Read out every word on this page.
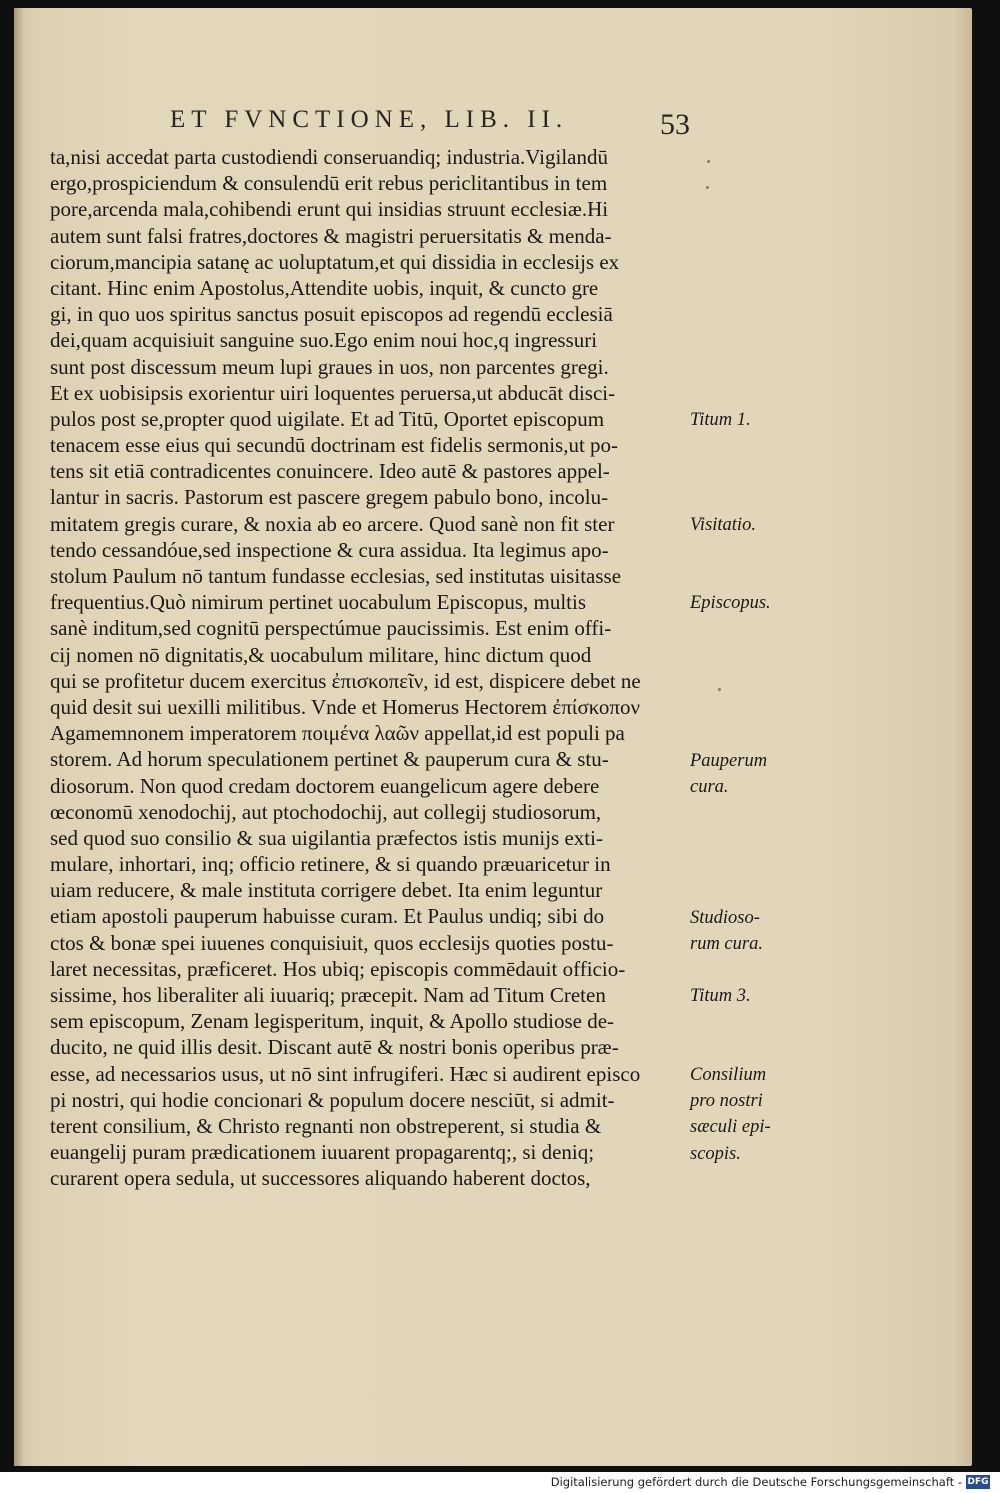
ET FVNCTIONE, LIB. II.	53
ta,nisi accedat parta custodiendi conseruandiq; industria.Vigilandū
ergo,prospiciendum & consulendū erit rebus periclitantibus in tem
pore,arcenda mala,cohibendi erunt qui insidias struunt ecclesiæ.Hi
autem sunt falsi fratres,doctores & magistri peruersitatis & menda-
ciorum,mancipia satanę ac uoluptatum,et qui dissidia in ecclesijs ex
citant. Hinc enim Apostolus,Attendite uobis, inquit, & cuncto gre
gi, in quo uos spiritus sanctus posuit episcopos ad regendū ecclesiā
dei,quam acquisiuit sanguine suo.Ego enim noui hoc,q ingressuri
sunt post discessum meum lupi graues in uos, non parcentes gregi.
Et ex uobisipsis exorientur uiri loquentes peruersa,ut abducāt disci-
pulos post se,propter quod uigilate. Et ad Titū, Oportet episcopum
tenacem esse eius qui secundū doctrinam est fidelis sermonis,ut po-
tens sit etiā contradicentes conuincere. Ideo autē & pastores appel-
lantur in sacris. Pastorum est pascere gregem pabulo bono, incolu-
mitatem gregis curare, & noxia ab eo arcere. Quod sanè non fit ster
tendo cessandóue,sed inspectione & cura assidua. Ita legimus apo-
stolum Paulum nō tantum fundasse ecclesias, sed institutas uisitasse
frequentius.Quò nimirum pertinet uocabulum Episcopus, multis
sanè inditum,sed cognitū perspectúmue paucissimis. Est enim offi-
cij nomen nō dignitatis,& uocabulum militare, hinc dictum quod
qui se profitetur ducem exercitus ἐπισκοπεῖν, id est, dispicere debet ne
quid desit sui uexilli militibus. Vnde et Homerus Hectorem ἐπίσκοπον
Agamemnonem imperatorem ποιμένα λαῶν appellat,id est populi pa
storem. Ad horum speculationem pertinet & pauperum cura & stu-
diosorum. Non quod credam doctorem euangelicum agere debere
œconomū xenodochij, aut ptochodochij, aut collegij studiosorum,
sed quod suo consilio & sua uigilantia præfectos istis munijs exti-
mulare, inhortari, inq; officio retinere, & si quando præuaricetur in
uiam reducere, & male instituta corrigere debet. Ita enim leguntur
etiam apostoli pauperum habuisse curam. Et Paulus undiq; sibi do
ctos & bonæ spei iuuenes conquisiuit, quos ecclesijs quoties postu-
laret necessitas, præficeret. Hos ubiq; episcopis commēdauit officio-
sissime, hos liberaliter ali iuuariq; præcepit. Nam ad Titum Creten
sem episcopum, Zenam legisperitum, inquit, & Apollo studiose de-
ducito, ne quid illis desit. Discant autē & nostri bonis operibus præ-
esse, ad necessarios usus, ut nō sint infrugiferi. Hæc si audirent episco
pi nostri, qui hodie concionari & populum docere nesciūt, si admit-
terent consilium, & Christo regnanti non obstreperent, si studia &
euangelij puram prædicationem iuuarent propagarentq;, si deniq;
curarent opera sedula, ut successores aliquando haberent doctos,
Titum 1.
Visitatio.
Episcopus.
Pauperum
cura.
Studioso-
rum cura.
Titum 3.
Consilium
pro nostri
sæculi epi-
scopis.
Digitalisierung gefördert durch die Deutsche Forschungsgemeinschaft - DFG
